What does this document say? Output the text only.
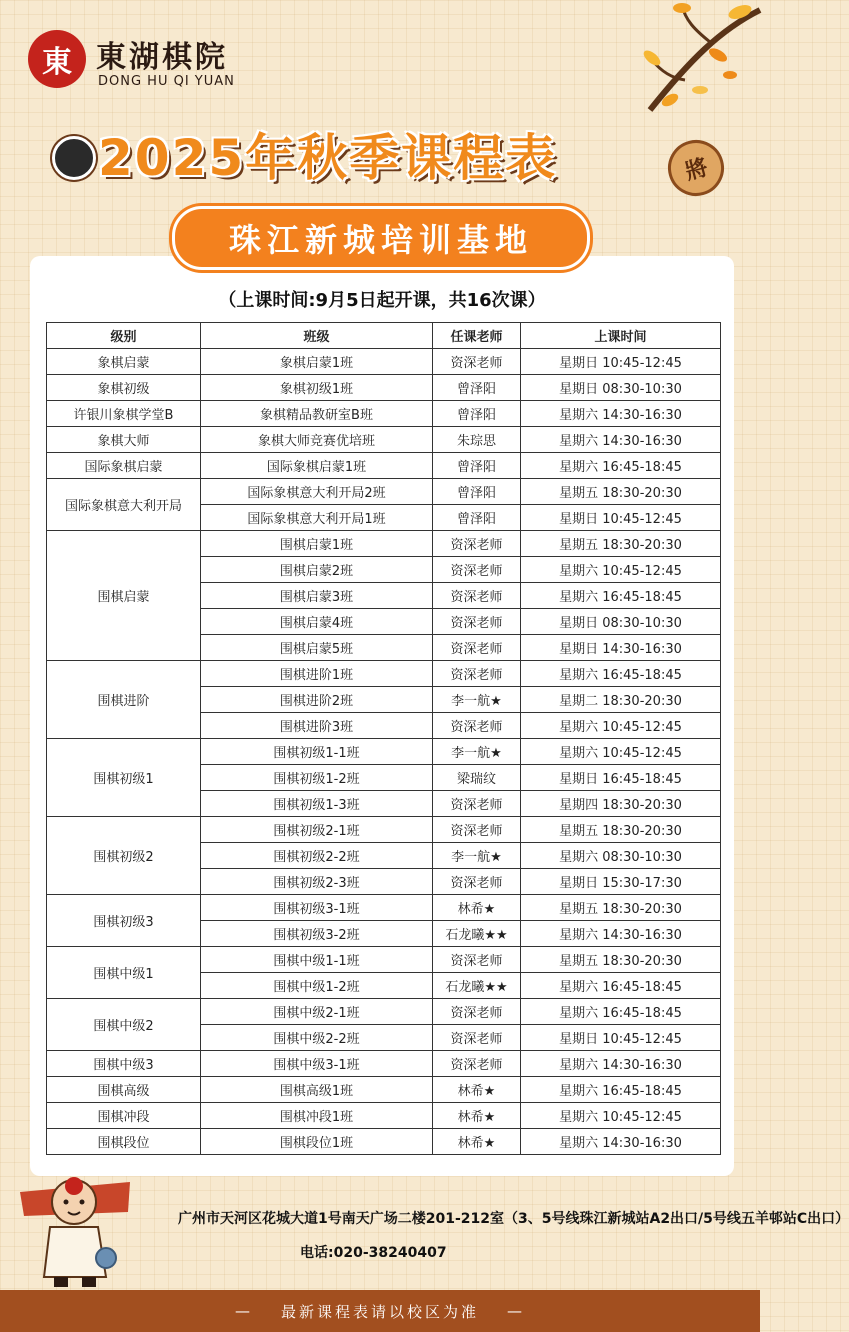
東 東湖棋院
DONG HU QI YUAN
2025年秋季课程表	將
（上课时间:9月5日起开课，共16次课）
级别	班级	任课老师	上课时间
象棋启蒙	象棋启蒙1班	资深老师	星期日 10:45-12:45
象棋初级	象棋初级1班	曾泽阳	星期日 08:30-10:30
许银川象棋学堂B	象棋精品教研室B班	曾泽阳	星期六 14:30-16:30
象棋大师	象棋大师竞赛优培班	朱琮思	星期六 14:30-16:30
国际象棋启蒙	国际象棋启蒙1班	曾泽阳	星期六 16:45-18:45
国际象棋意大利开局	国际象棋意大利开局2班	曾泽阳	星期五 18:30-20:30
	国际象棋意大利开局1班	曾泽阳	星期日 10:45-12:45
围棋启蒙	围棋启蒙1班	资深老师	星期五 18:30-20:30
	围棋启蒙2班	资深老师	星期六 10:45-12:45
	围棋启蒙3班	资深老师	星期六 16:45-18:45
	围棋启蒙4班	资深老师	星期日 08:30-10:30
	围棋启蒙5班	资深老师	星期日 14:30-16:30
围棋进阶	围棋进阶1班	资深老师	星期六 16:45-18:45
	围棋进阶2班	李一航★	星期二 18:30-20:30
	围棋进阶3班	资深老师	星期六 10:45-12:45
围棋初级1	围棋初级1-1班	李一航★	星期六 10:45-12:45
	围棋初级1-2班	梁瑞纹	星期日 16:45-18:45
	围棋初级1-3班	资深老师	星期四 18:30-20:30
围棋初级2	围棋初级2-1班	资深老师	星期五 18:30-20:30
	围棋初级2-2班	李一航★	星期六 08:30-10:30
	围棋初级2-3班	资深老师	星期日 15:30-17:30
围棋初级3	围棋初级3-1班	林希★	星期五 18:30-20:30
	围棋初级3-2班	石龙曦★★	星期六 14:30-16:30
围棋中级1	围棋中级1-1班	资深老师	星期五 18:30-20:30
	围棋中级1-2班	石龙曦★★	星期六 16:45-18:45
围棋中级2	围棋中级2-1班	资深老师	星期六 16:45-18:45
	围棋中级2-2班	资深老师	星期日 10:45-12:45
围棋中级3	围棋中级3-1班	资深老师	星期六 14:30-16:30
围棋高级	围棋高级1班	林希★	星期六 16:45-18:45
围棋冲段	围棋冲段1班	林希★	星期六 10:45-12:45
围棋段位	围棋段位1班	林希★	星期六 14:30-16:30
珠江新城培训基地
广州市天河区花城大道1号南天广场二楼201-212室（3、5号线珠江新城站A2出口/5号线五羊邨站C出口）
电话:020-38240407
— 最新课程表请以校区为准 —
